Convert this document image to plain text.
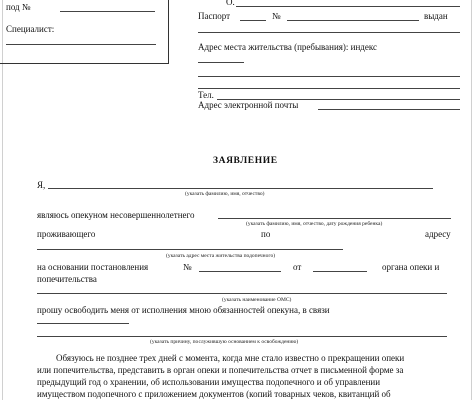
под №
Специалист:
О.
Паспорт	№	выдан
Адрес места жительства (пребывания): индекс
Тел.
Адрес электронной почты
ЗАЯВЛЕНИЕ
Я,
(указать фамилию, имя, отчество)
являюсь опекуном несовершеннолетнего
(указать фамилию, имя, отчество, дату рождения ребенка)
проживающего	по	адресу
(указать адрес места жительства подопечного)
на основании постановления	№	от	органа опеки и
попечительства
(указать наименование ОМС)
прошу освободить меня от исполнения мною обязанностей опекуна, в связи
(указать причину, послужившую основанием к освобождению)
Обязуюсь не позднее трех дней с момента, когда мне стало известно о прекращении опеки
или попечительства, представить в орган опеки и попечительства отчет в письменной форме за
предыдущий год о хранении, об использовании имущества подопечного и об управлении
имуществом подопечного с приложением документов (копий товарных чеков, квитанций об
